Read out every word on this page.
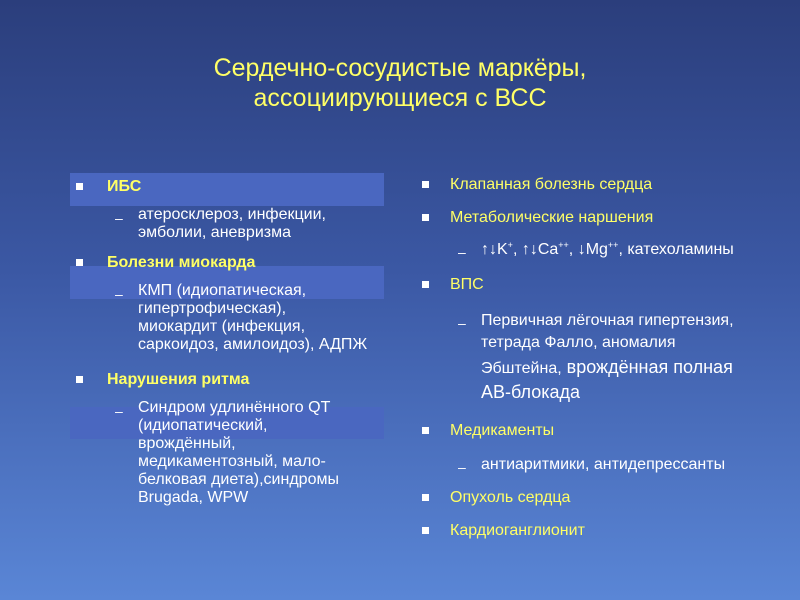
Сердечно-сосудистые маркёры,
ассоциирующиеся с ВСС
ИБС
– атеросклероз, инфекции,
эмболии, аневризма
Болезни миокарда
– КМП (идиопатическая,
гипертрофическая),
миокардит (инфекция,
саркоидоз, амилоидоз), АДПЖ
Нарушения ритма
– Синдром удлинённого QT
(идиопатический,
врождённый,
медикаментозный, мало-
белковая диета),синдромы
Brugada, WPW
Клапанная болезнь сердца
Метаболические наршения
– ↑↓K+, ↑↓Ca++, ↓Mg++, катехоламины
ВПС
– Первичная лёгочная гипертензия,
тетрада Фалло, аномалия
Эбштейна, врождённая полная
АВ-блокада
Медикаменты
– антиаритмики, антидепрессанты
Опухоль сердца
Кардиоганглионит
